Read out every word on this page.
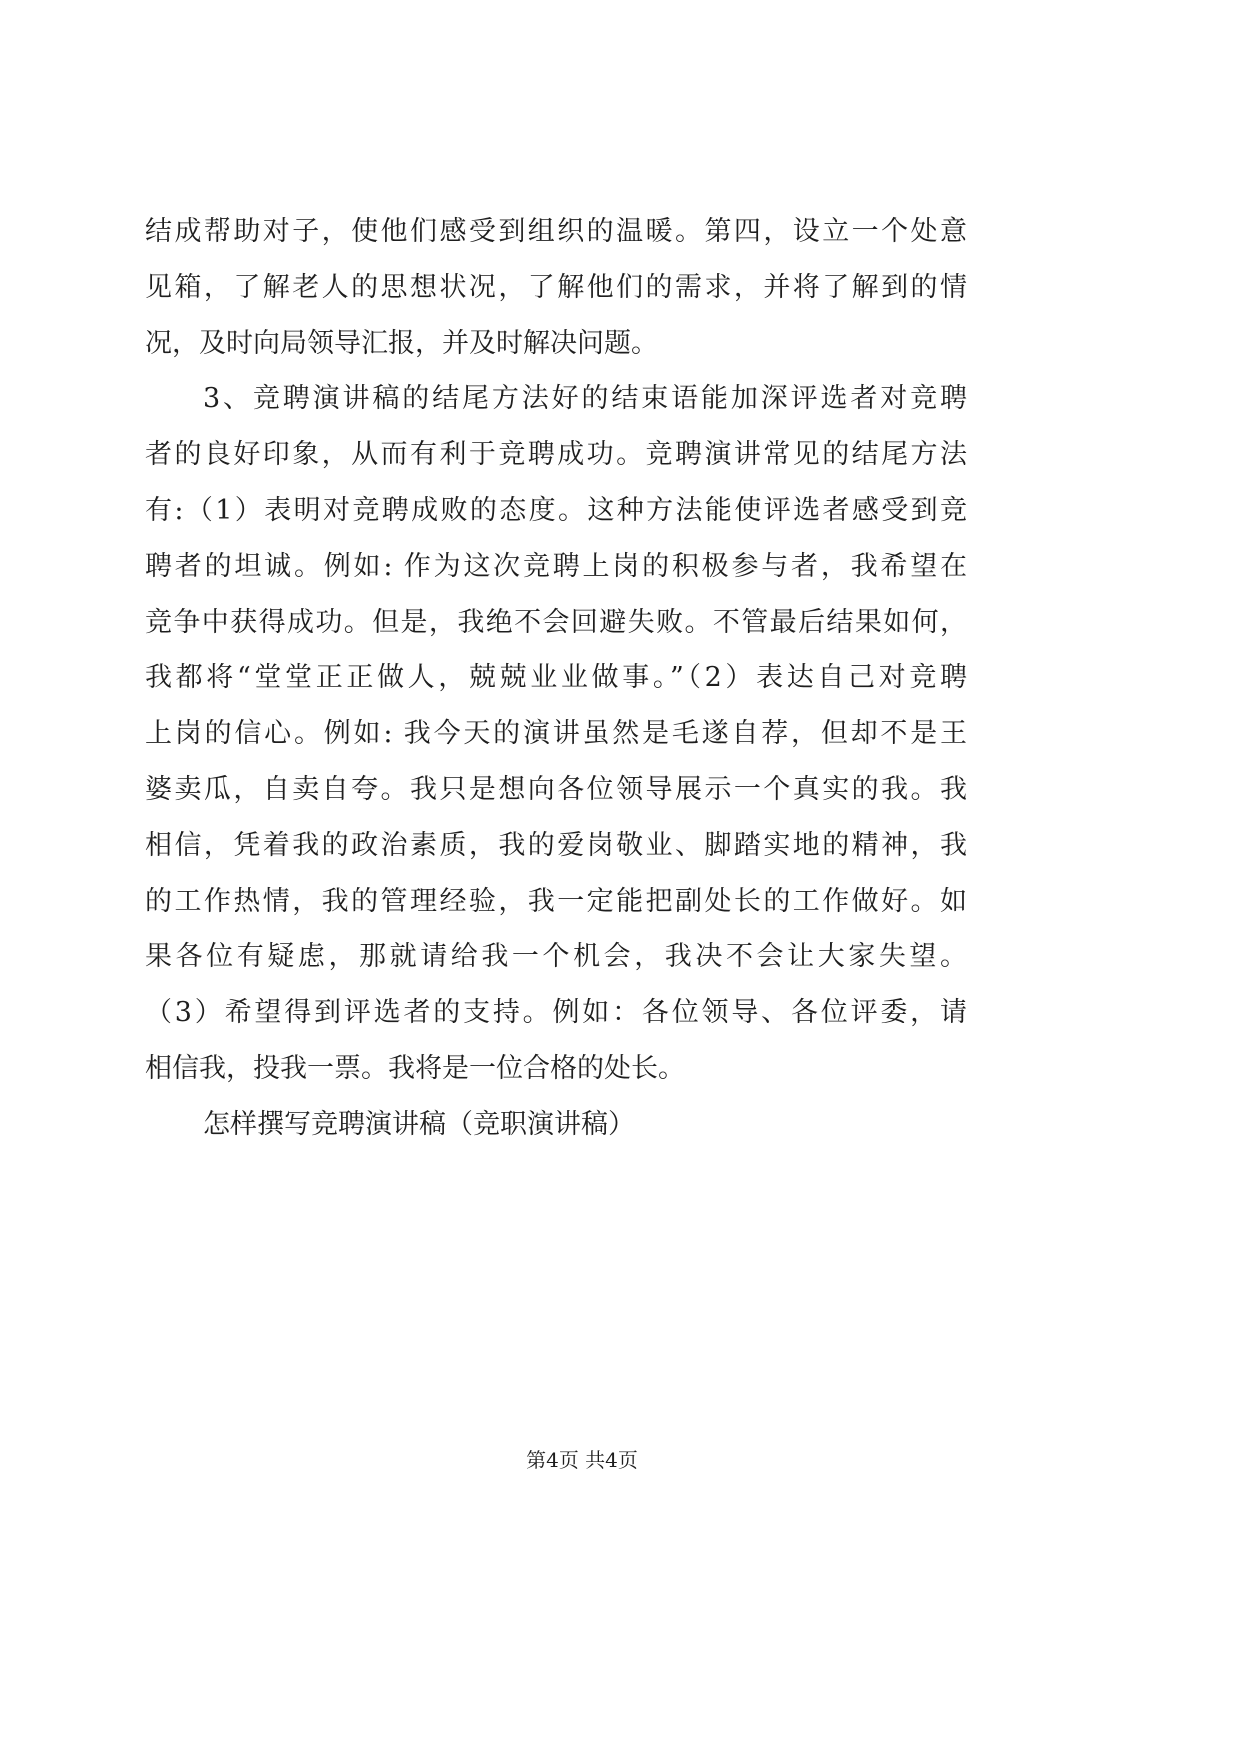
结成帮助对子，使他们感受到组织的温暖。第四，设立一个处意
见箱，了解老人的思想状况，了解他们的需求，并将了解到的情
况，及时向局领导汇报，并及时解决问题。
3、竞聘演讲稿的结尾方法好的结束语能加深评选者对竞聘
者的良好印象，从而有利于竞聘成功。竞聘演讲常见的结尾方法
有:（1）表明对竞聘成败的态度。这种方法能使评选者感受到竞
聘者的坦诚。例如: 作为这次竞聘上岗的积极参与者，我希望在
竞争中获得成功。但是，我绝不会回避失败。不管最后结果如何，
我都将“堂堂正正做人，兢兢业业做事。”（2）表达自己对竞聘
上岗的信心。例如: 我今天的演讲虽然是毛遂自荐，但却不是王
婆卖瓜，自卖自夸。我只是想向各位领导展示一个真实的我。我
相信，凭着我的政治素质，我的爱岗敬业、脚踏实地的精神，我
的工作热情，我的管理经验，我一定能把副处长的工作做好。如
果各位有疑虑，那就请给我一个机会，我决不会让大家失望。
（3）希望得到评选者的支持。例如：各位领导、各位评委，请
相信我，投我一票。我将是一位合格的处长。
怎样撰写竞聘演讲稿（竞职演讲稿）
第4页 共4页
